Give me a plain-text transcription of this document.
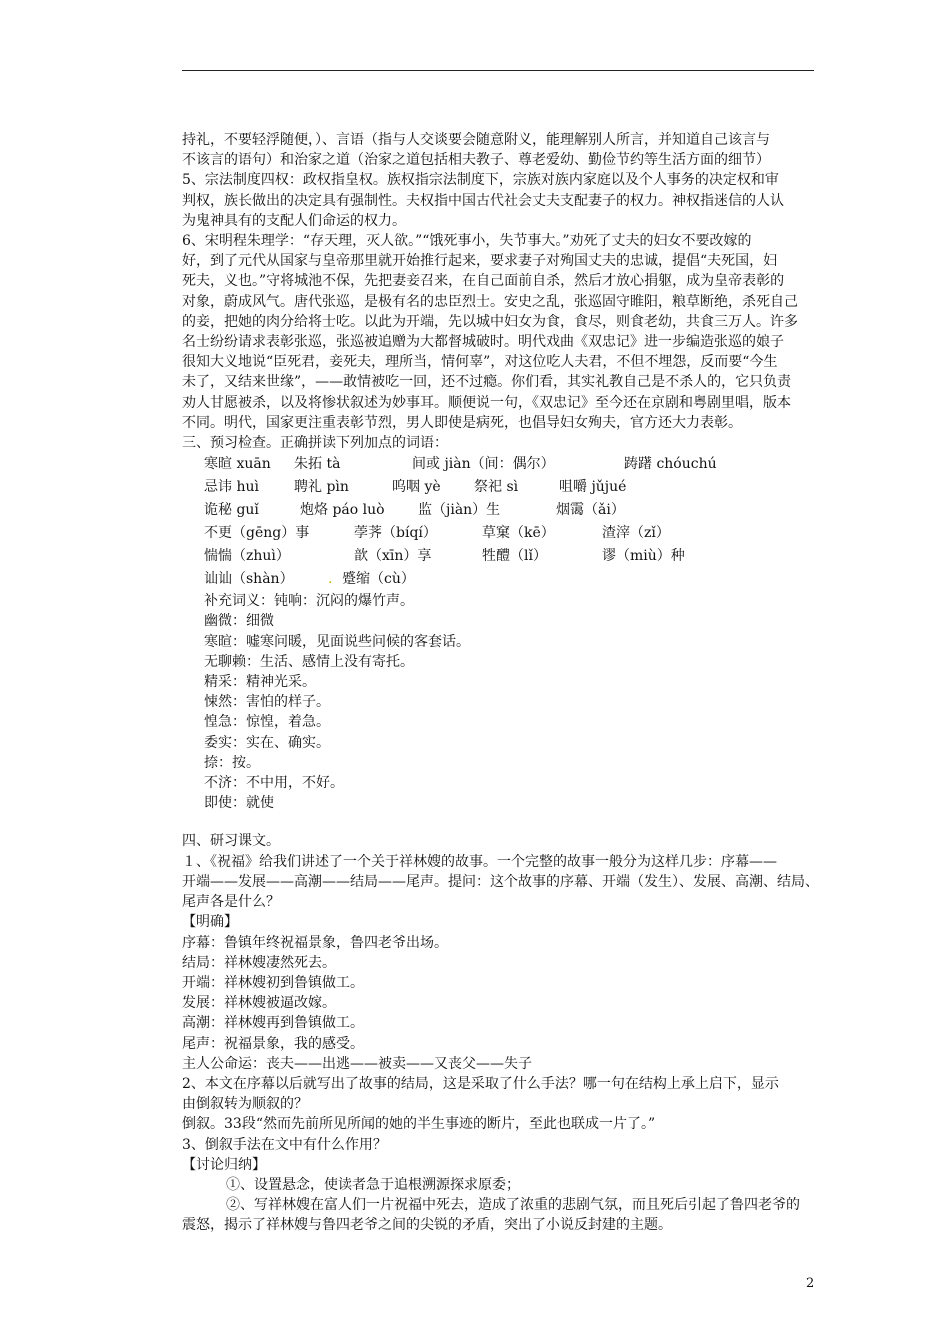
持礼，不要轻浮随便，）、言语（指与人交谈要会随意附义，能理解别人所言，并知道自己该言与

不该言的语句）和治家之道（治家之道包括相夫教子、尊老爱幼、勤俭节约等生活方面的细节）

5、宗法制度四权：政权指皇权。族权指宗法制度下，宗族对族内家庭以及个人事务的决定权和审

判权，族长做出的决定具有强制性。夫权指中国古代社会丈夫支配妻子的权力。神权指迷信的人认

为鬼神具有的支配人们命运的权力。

6、宋明程朱理学：“存天理，灭人欲。”“饿死事小，失节事大。”劝死了丈夫的妇女不要改嫁的

好，到了元代从国家与皇帝那里就开始推行起来，要求妻子对殉国丈夫的忠诚，提倡“夫死国，妇

死夫，义也。”守将城池不保，先把妻妾召来，在自己面前自杀，然后才放心捐躯，成为皇帝表彰的

对象，蔚成风气。唐代张巡，是极有名的忠臣烈士。安史之乱，张巡固守睢阳，粮草断绝，杀死自己

的妾，把她的肉分给将士吃。以此为开端，先以城中妇女为食，食尽，则食老幼，共食三万人。许多

名士纷纷请求表彰张巡，张巡被追赠为大都督城破时。明代戏曲《双忠记》进一步编造张巡的娘子

很知大义地说“臣死君，妾死夫，理所当，情何辜”，对这位吃人夫君，不但不埋怨，反而要“今生

未了，又结来世缘”，——敢情被吃一回，还不过瘾。你们看，其实礼教自己是不杀人的，它只负责

劝人甘愿被杀，以及将惨状叙述为妙事耳。顺便说一句，《双忠记》至今还在京剧和粤剧里唱，版本

不同。明代，国家更注重表彰节烈，男人即使是病死，也倡导妇女殉夫，官方还大力表彰。

三、预习检查。正确拼读下列加点的词语：

寒暄 xuān	朱拓 tà	间或 jiàn（间：偶尔）	踌躇 chóuchú
忌讳 huì	聘礼 pìn	呜咽 yè	祭祀 sì	咀嚼 jǔjué
诡秘 guǐ	炮烙 páo luò	监（jiàn）生	烟霭（ǎi）
不更（gēng）事	荸荠（bíqí）	草窠（kē）	渣滓（zǐ）
惴惴（zhuì）	歆（xīn）享	牲醴（lǐ）	谬（miù）种
讪讪（shàn）	. 蹙缩（cù）

补充词义：钝响：沉闷的爆竹声。

幽微：细微

寒暄：嘘寒问暖，见面说些问候的客套话。

无聊赖：生活、感情上没有寄托。

精采：精神光采。

悚然：害怕的样子。

惶急：惊惶，着急。

委实：实在、确实。

捺：按。

不济：不中用，不好。

即使：就使

四、研习课文。

１、《祝福》给我们讲述了一个关于祥林嫂的故事。一个完整的故事一般分为这样几步：序幕——

开端——发展——高潮——结局——尾声。提问：这个故事的序幕、开端（发生）、发展、高潮、结局、

尾声各是什么？

【明确】

序幕：鲁镇年终祝福景象，鲁四老爷出场。

结局：祥林嫂凄然死去。

开端：祥林嫂初到鲁镇做工。

发展：祥林嫂被逼改嫁。

高潮：祥林嫂再到鲁镇做工。

尾声：祝福景象，我的感受。

主人公命运：丧夫——出逃——被卖——又丧父——失子

2、本文在序幕以后就写出了故事的结局，这是采取了什么手法？哪一句在结构上承上启下，显示

由倒叙转为顺叙的？

倒叙。33段“然而先前所见所闻的她的半生事迹的断片，至此也联成一片了。”

3、倒叙手法在文中有什么作用？

【讨论归纳】

①、设置悬念，使读者急于追根溯源探求原委；

②、写祥林嫂在富人们一片祝福中死去，造成了浓重的悲剧气氛，而且死后引起了鲁四老爷的

震怒，揭示了祥林嫂与鲁四老爷之间的尖锐的矛盾，突出了小说反封建的主题。

2
